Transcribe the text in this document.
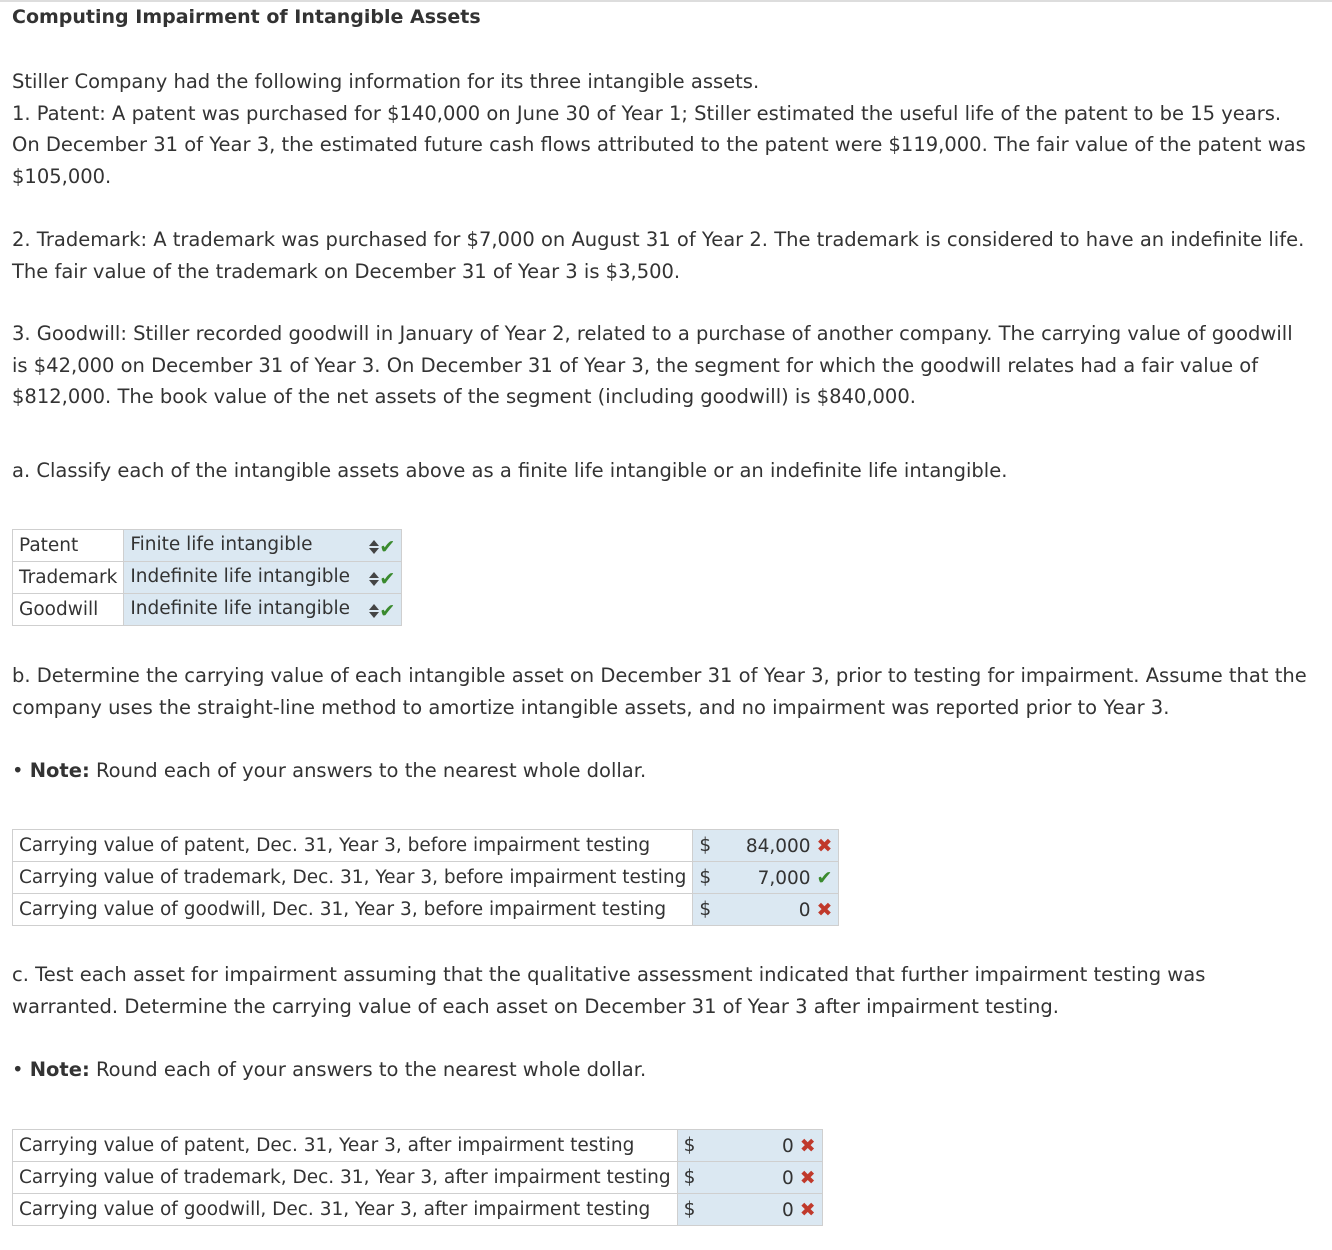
Computing Impairment of Intangible Assets

Stiller Company had the following information for its three intangible assets.

1. Patent: A patent was purchased for $140,000 on June 30 of Year 1; Stiller estimated the useful life of the patent to be 15 years. On December 31 of Year 3, the estimated future cash flows attributed to the patent were $119,000. The fair value of the patent was $105,000.

2. Trademark: A trademark was purchased for $7,000 on August 31 of Year 2. The trademark is considered to have an indefinite life. The fair value of the trademark on December 31 of Year 3 is $3,500.
3. Goodwill: Stiller recorded goodwill in January of Year 2, related to a purchase of another company. The carrying value of goodwill is $42,000 on December 31 of Year 3. On December 31 of Year 3, the segment for which the goodwill relates had a fair value of $812,000. The book value of the net assets of the segment (including goodwill) is $840,000.
a. Classify each of the intangible assets above as a finite life intangible or an indefinite life intangible.
Patent	Finite life intangible ✔

Trademark	Indefinite life intangible ✔

Goodwill	Indefinite life intangible ✔
b. Determine the carrying value of each intangible asset on December 31 of Year 3, prior to testing for impairment. Assume that the company uses the straight-line method to amortize intangible assets, and no impairment was reported prior to Year 3.
• Note: Round each of your answers to the nearest whole dollar.
Carrying value of patent, Dec. 31, Year 3, before impairment testing	$ 84,000 ✖

Carrying value of trademark, Dec. 31, Year 3, before impairment testing	$ 7,000 ✔

Carrying value of goodwill, Dec. 31, Year 3, before impairment testing	$ 0 ✖
c. Test each asset for impairment assuming that the qualitative assessment indicated that further impairment testing was warranted. Determine the carrying value of each asset on December 31 of Year 3 after impairment testing.
• Note: Round each of your answers to the nearest whole dollar.
Carrying value of patent, Dec. 31, Year 3, after impairment testing	$ 0 ✖

Carrying value of trademark, Dec. 31, Year 3, after impairment testing	$ 0 ✖

Carrying value of goodwill, Dec. 31, Year 3, after impairment testing	$ 0 ✖
